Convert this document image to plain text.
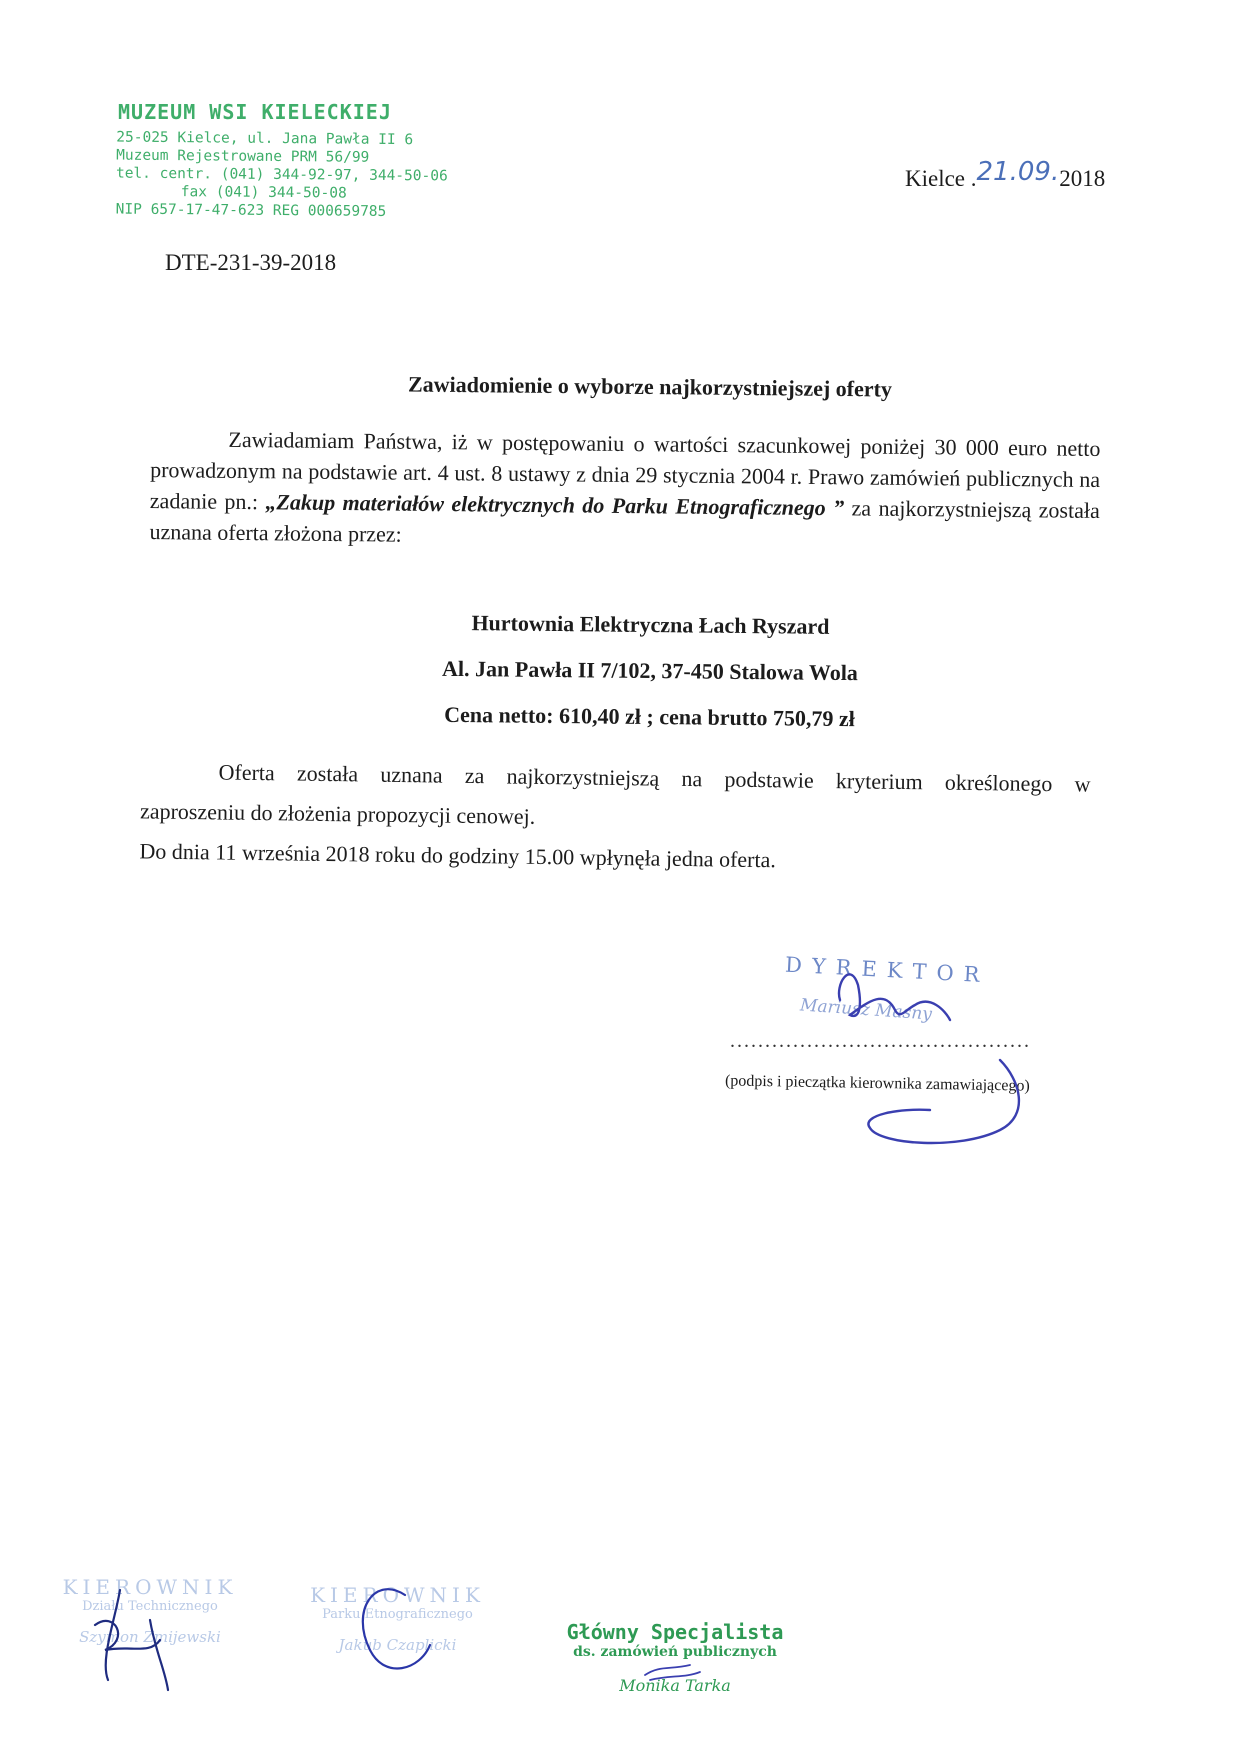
MUZEUM WSI KIELECKIEJ
25-025 Kielce, ul. Jana Pawła II 6
Muzeum Rejestrowane PRM 56/99
tel. centr. (041) 344-92-97, 344-50-06
fax (041) 344-50-08
NIP 657-17-47-623 REG 000659785
DTE-231-39-2018
Kielce .21.09.2018
Zawiadomienie o wyborze najkorzystniejszej oferty
Zawiadamiam Państwa, iż w postępowaniu o wartości szacunkowej poniżej 30 000 euro netto prowadzonym na podstawie art. 4 ust. 8 ustawy z dnia 29 stycznia 2004 r. Prawo zamówień publicznych na zadanie pn.: „Zakup materiałów elektrycznych do Parku Etnograficznego ” za najkorzystniejszą została uznana oferta złożona przez:
Hurtownia Elektryczna Łach Ryszard
Al. Jan Pawła II 7/102, 37-450 Stalowa Wola
Cena netto: 610,40 zł ; cena brutto 750,79 zł
Oferta została uznana za najkorzystniejszą na podstawie kryterium określonego w
zaproszeniu do złożenia propozycji cenowej.
Do dnia 11 września 2018 roku do godziny 15.00 wpłynęła jedna oferta.
DYREKTOR
Mariusz Masny
...........................................
(podpis i pieczątka kierownika zamawiającego)
KIEROWNIK
Działu Technicznego
Szymon Zmijewski
KIEROWNIK
Parku Etnograficznego
Jakub Czaplicki
Główny Specjalista
ds. zamówień publicznych
Monika Tarka
